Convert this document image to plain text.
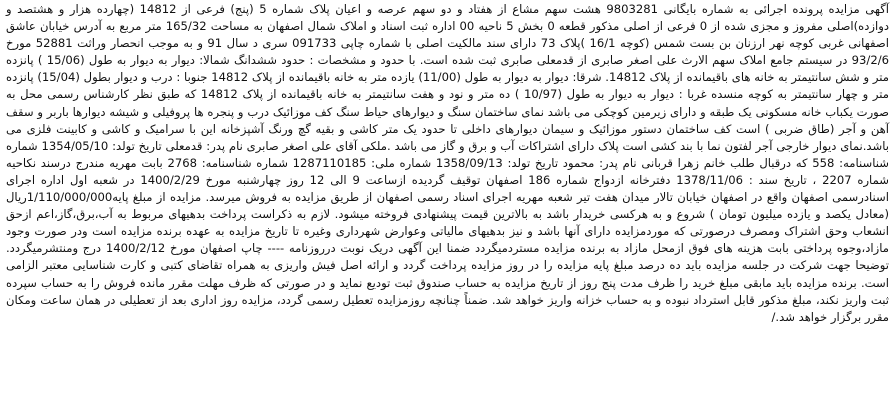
آگهی مزایده پرونده اجرائی به شماره بایگانی 9803281 هشت سهم مشاع از هفتاد و دو سهم عرصه و اعیان پلاک شماره 5 (پنج) فرعی از 14812 (چهارده هزار و هشتصد و دوازده)اصلی مفروز و مجزی شده از 0 فرعی از اصلی مذکور قطعه 0 بخش 5 ناحیه 00 اداره ثبت اسناد و املاک شمال اصفهان به مساحت 165/32 متر مربع به آدرس خیابان عاشق اصفهانی غربی کوچه نهر ارزنان بن بست شمس (کوچه 16/1 )پلاک 73 دارای سند مالکیت اصلی با شماره چاپی 091733 سری د سال 91 و به موجب انحصار وراثت 52881 مورخ 93/2/6 در سیستم جامع املاک سهم الارث علی اصغر صابری از قدمعلی صابری ثبت شده است. با حدود و مشخصات : حدود ششدانگ شمالا: دیوار به دیوار به طول (15/06 ) پانزده متر و شش سانتیمتر به خانه های باقیمانده از پلاک 14812. شرقا: دیوار به دیوار به طول (11/00) یازده متر به خانه باقیمانده از پلاک 14812 جنوبا : درب و دیوار بطول (15/04) پانزده متر و چهار سانتیمتر به کوچه منسده غربا : دیوار به دیوار به طول (10/97 ) ده متر و نود و هفت سانتیمتر به خانه باقیمانده از پلاک 14812 که طبق نظر کارشناس رسمی محل به صورت یکباب خانه مسکونی یک طبقه و دارای زیرمین کوچکی می باشد نمای ساختمان سنگ و دیوارهای حیاط سنگ کف موزائیک درب و پنجره ها پروفیلی و شیشه دیوارها باربر و سقف آهن و آجر (طاق ضربی ) است کف ساختمان دستور موزائیک و سیمان دیوارهای داخلی تا حدود یک متر کاشی و بقیه گچ ورنگ آشپزخانه این با سرامیک و کاشی و کابینت فلزی می باشد.نمای دیوار خارجی آجر لفتون نما با بند کشی است پلاک دارای اشتراکات آب و برق و گاز می باشد .ملکی آقای علی اصغر صابری نام پدر: قدمعلی تاریخ تولد: 1354/05/10 شماره شناسنامه: 558 که درقبال طلب خانم زهرا قربانی نام پدر: محمود تاریخ تولد: 1358/09/13 شماره ملی: 1287110185 شماره شناسنامه: 2768 بابت مهریه مندرج درسند نکاحیه شماره 2207 ، تاریخ سند : 1378/11/06 دفترخانه ازدواج شماره 186 اصفهان توقیف گردیده ازساعت 9 الی 12 روز چهارشنبه مورخ 1400/2/29 در شعبه اول اداره اجرای اسنادرسمی اصفهان واقع در اصفهان خیابان تالار میدان هفت تیر شعبه مهریه اجرای اسناد رسمی اصفهان از طریق مزایده به فروش میرسد. مزایده از مبلغ پایه1/110/000/000ریال (معادل یکصد و یازده میلیون تومان ) شروع و به هرکسی خریدار باشد به بالاترین قیمت پیشنهادی فروخته میشود. لازم به ذکراست پرداخت بدهیهای مربوط به آب،برق،گاز،اعم ازحق انشعاب وحق اشتراک ومصرف درصورتی که موردمزایده دارای آنها باشد و نیز بدهیهای مالیاتی وعوارض شهرداری وغیره تا تاریخ مزایده به عهده برنده مزایده است ودر صورت وجود مازاد،وجوه پرداختی بابت هزینه های فوق ازمحل مازاد به برنده مزایده مستردمیگردد ضمنا این آگهی دریک نوبت درروزنامه ---- چاپ اصفهان مورخ 1400/2/12 درج ومنتشرمیگردد. توضیحا جهت شرکت در جلسه مزایده باید ده درصد مبلغ پایه مزایده را در روز مزایده پرداخت گردد و ارائه اصل فیش واریزی به همراه تقاضای کتبی و کارت شناسایی معتبر الزامی است. برنده مزایده باید مابقی مبلغ خرید را ظرف مدت پنج روز از تاریخ مزایده به حساب صندوق ثبت تودیع نماید و در صورتی که ظرف مهلت مقرر مانده فروش را به حساب سپرده ثبت واریز نکند، مبلغ مذکور قابل استرداد نبوده و به حساب خزانه واریز خواهد شد. ضمناً چنانچه روزمزایده تعطیل رسمی گردد، مزایده روز اداری بعد از تعطیلی در همان ساعت ومکان مقرر برگزار خواهد شد./
